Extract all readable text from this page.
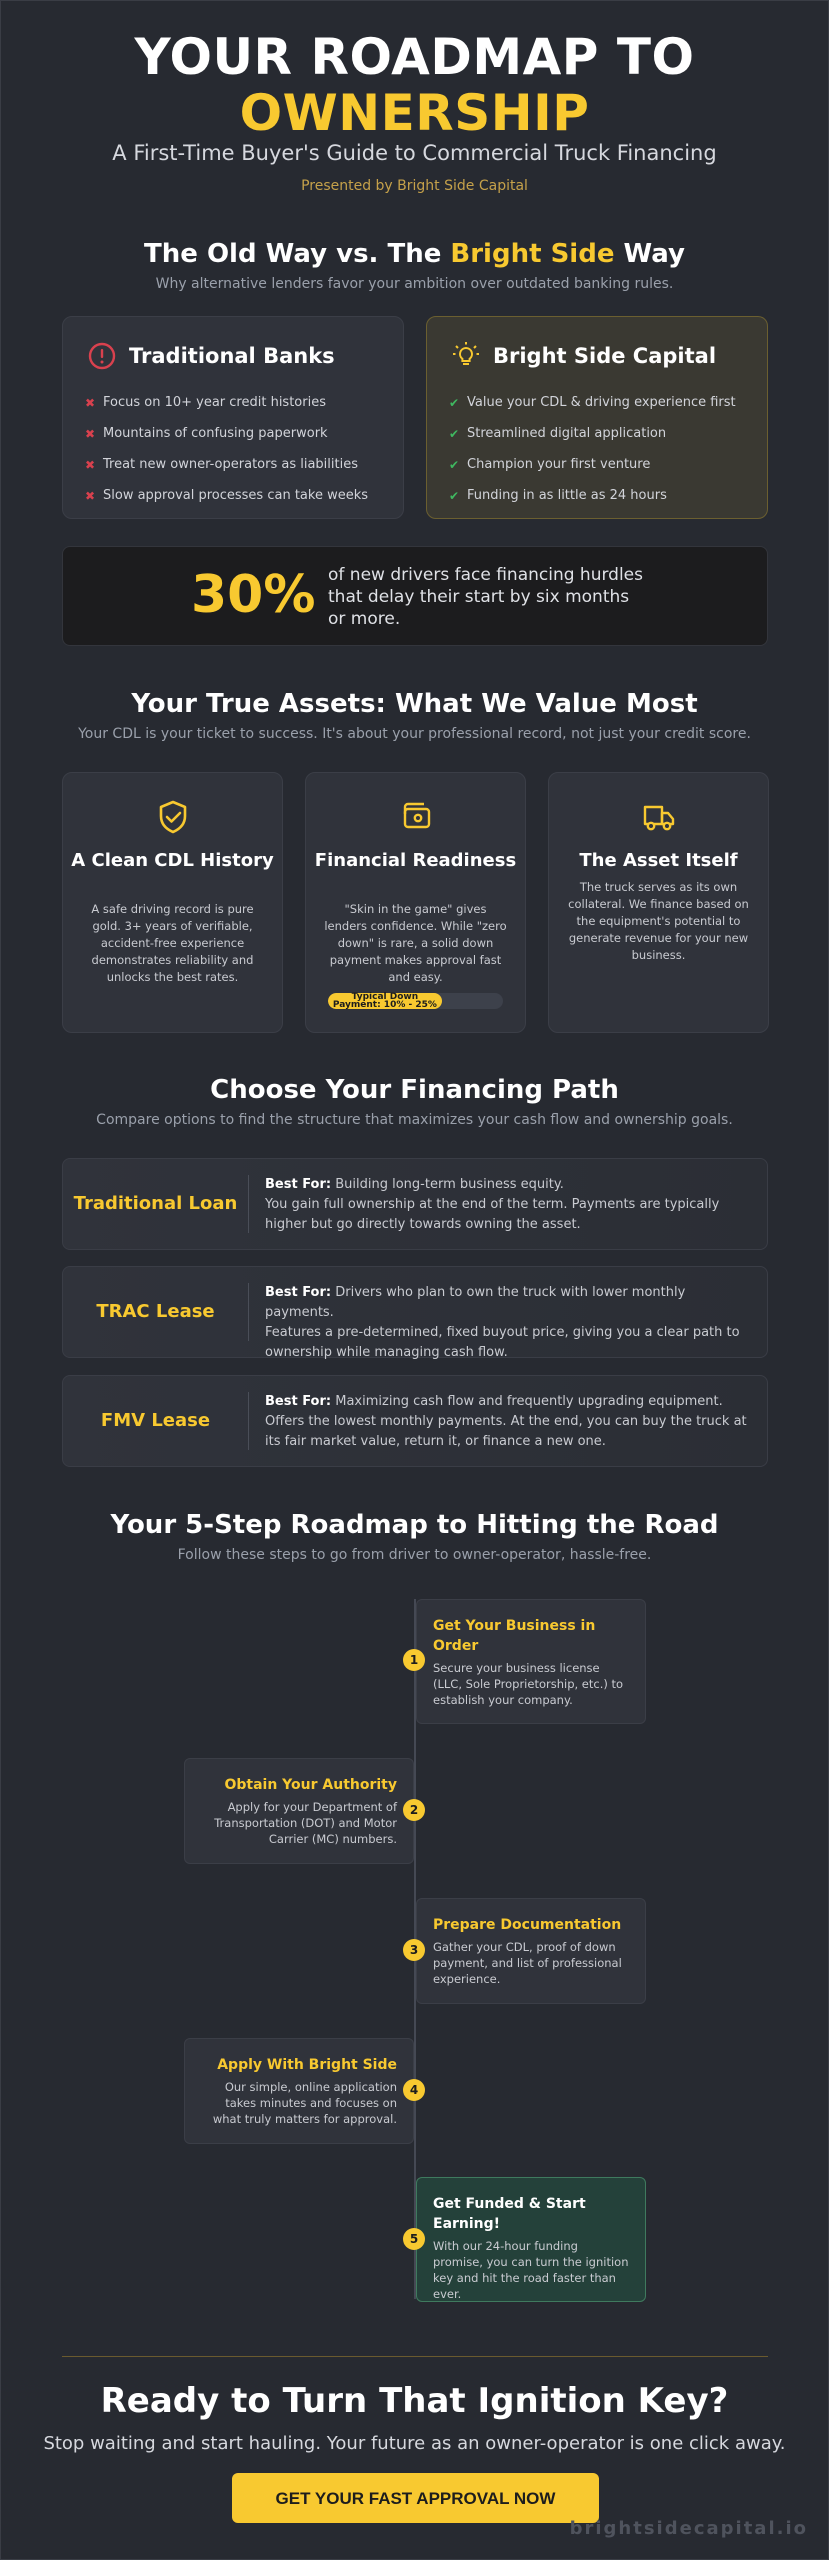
YOUR ROADMAP TO
OWNERSHIP
A First-Time Buyer's Guide to Commercial Truck Financing
Presented by Bright Side Capital
The Old Way vs. The Bright Side Way
Why alternative lenders favor your ambition over outdated banking rules.
Traditional Banks
✖ Focus on 10+ year credit histories
✖ Mountains of confusing paperwork
✖ Treat new owner-operators as liabilities
✖ Slow approval processes can take weeks
Bright Side Capital
✔ Value your CDL & driving experience first
✔ Streamlined digital application
✔ Champion your first venture
✔ Funding in as little as 24 hours
30% of new drivers face financing hurdles that delay their start by six months or more.
Your True Assets: What We Value Most
Your CDL is your ticket to success. It's about your professional record, not just your credit score.
A Clean CDL History
A safe driving record is pure gold. 3+ years of verifiable, accident-free experience demonstrates reliability and unlocks the best rates.
Financial Readiness
"Skin in the game" gives lenders confidence. While "zero down" is rare, a solid down payment makes approval fast and easy.
Typical Down Payment: 10% - 25%
The Asset Itself
The truck serves as its own collateral. We finance based on the equipment's potential to generate revenue for your new business.
Choose Your Financing Path
Compare options to find the structure that maximizes your cash flow and ownership goals.
Traditional Loan
Best For: Building long-term business equity.
You gain full ownership at the end of the term. Payments are typically higher but go directly towards owning the asset.
TRAC Lease
Best For: Drivers who plan to own the truck with lower monthly payments.
Features a pre-determined, fixed buyout price, giving you a clear path to ownership while managing cash flow.
FMV Lease
Best For: Maximizing cash flow and frequently upgrading equipment.
Offers the lowest monthly payments. At the end, you can buy the truck at its fair market value, return it, or finance a new one.
Your 5-Step Roadmap to Hitting the Road
Follow these steps to go from driver to owner-operator, hassle-free.
Get Your Business in Order
Secure your business license (LLC, Sole Proprietorship, etc.) to establish your company.
1
Obtain Your Authority
Apply for your Department of Transportation (DOT) and Motor Carrier (MC) numbers.
2
Prepare Documentation
Gather your CDL, proof of down payment, and list of professional experience.
3
Apply With Bright Side
Our simple, online application takes minutes and focuses on what truly matters for approval.
4
Get Funded & Start Earning!
With our 24-hour funding promise, you can turn the ignition key and hit the road faster than ever.
5
Ready to Turn That Ignition Key?
Stop waiting and start hauling. Your future as an owner-operator is one click away.
GET YOUR FAST APPROVAL NOW
brightsidecapital.io
